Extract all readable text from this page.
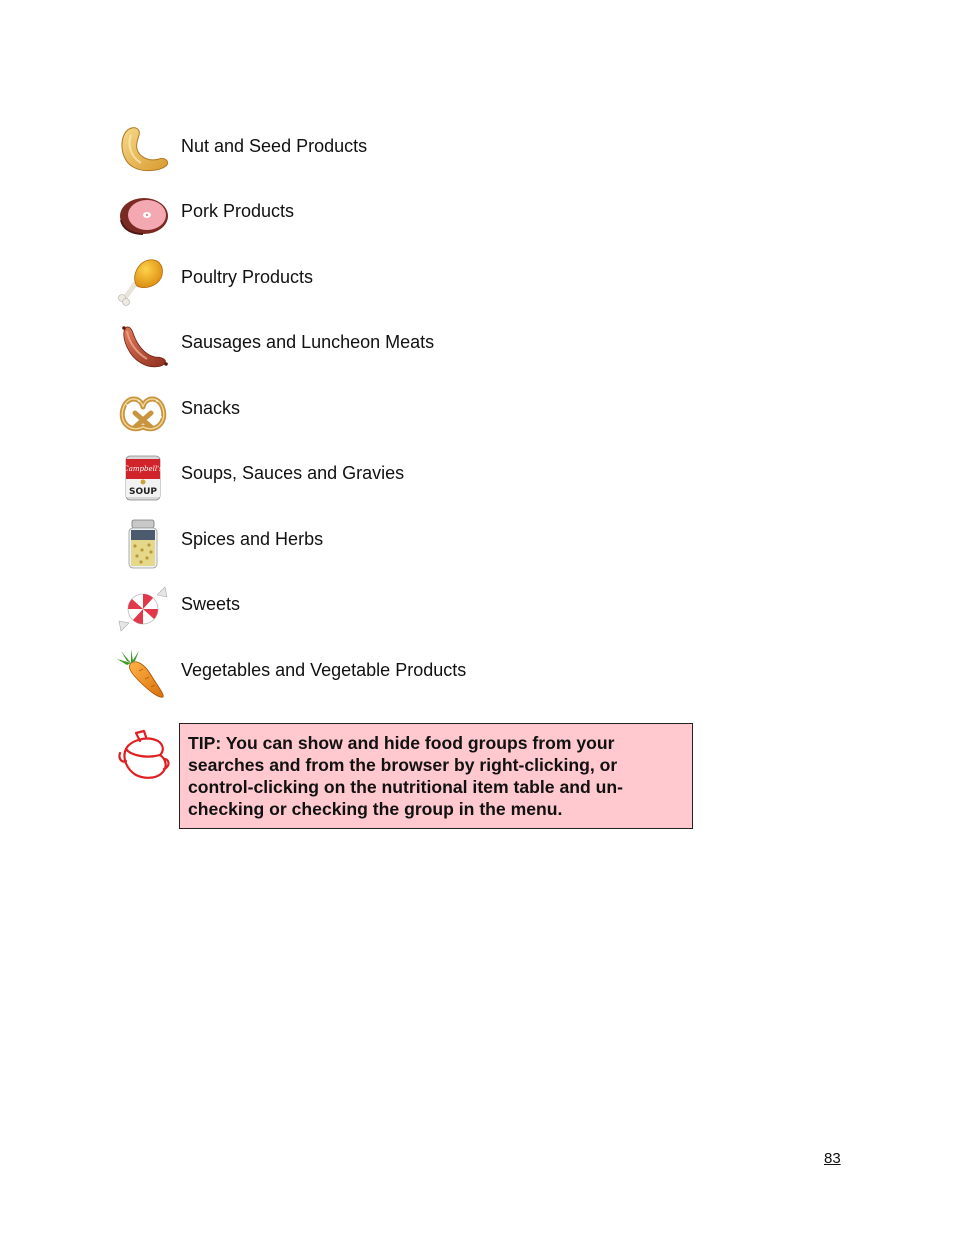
Nut and Seed Products
Pork Products
Poultry Products
Sausages and Luncheon Meats
Snacks
Campbell's
SOUP
Soups, Sauces and Gravies
Spices and Herbs
Sweets
Vegetables and Vegetable Products
TIP: You can show and hide food groups from your searches and from the browser by right-clicking, or control-clicking on the nutritional item table and un-checking or checking the group in the menu.
83
